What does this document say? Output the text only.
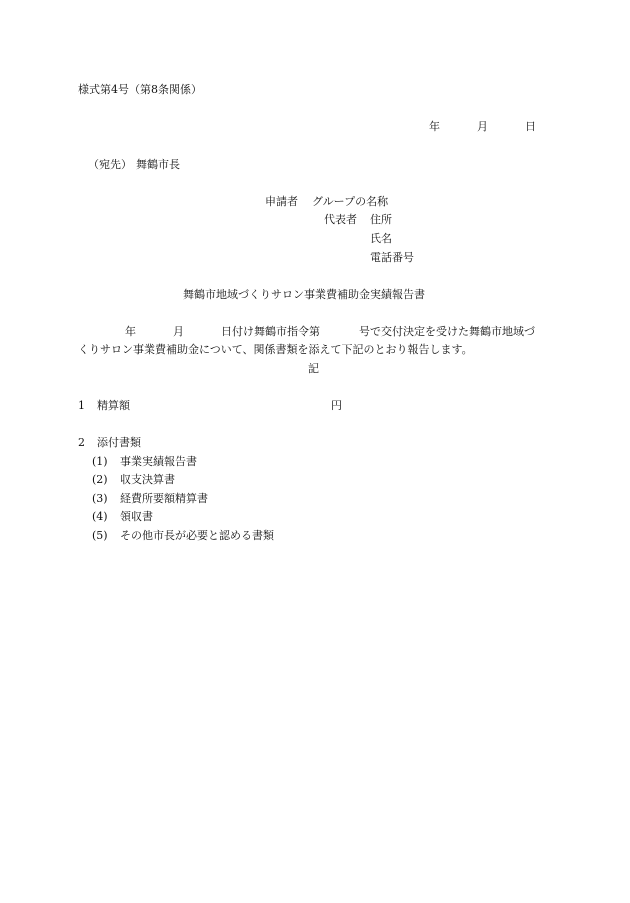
様式第4号（第8条関係）
年	月	日
（宛先） 舞鶴市長
申請者 グループの名称
代表者 住所
氏名
電話番号
舞鶴市地域づくりサロン事業費補助金実績報告書
年	月	日付け舞鶴市指令第	号で交付決定を受けた舞鶴市地域づ
くりサロン事業費補助金について、関係書類を添えて下記のとおり報告します。
記
1 精算額	円
2 添付書類
(1) 事業実績報告書
(2) 収支決算書
(3) 経費所要額精算書
(4) 領収書
(5) その他市長が必要と認める書類
